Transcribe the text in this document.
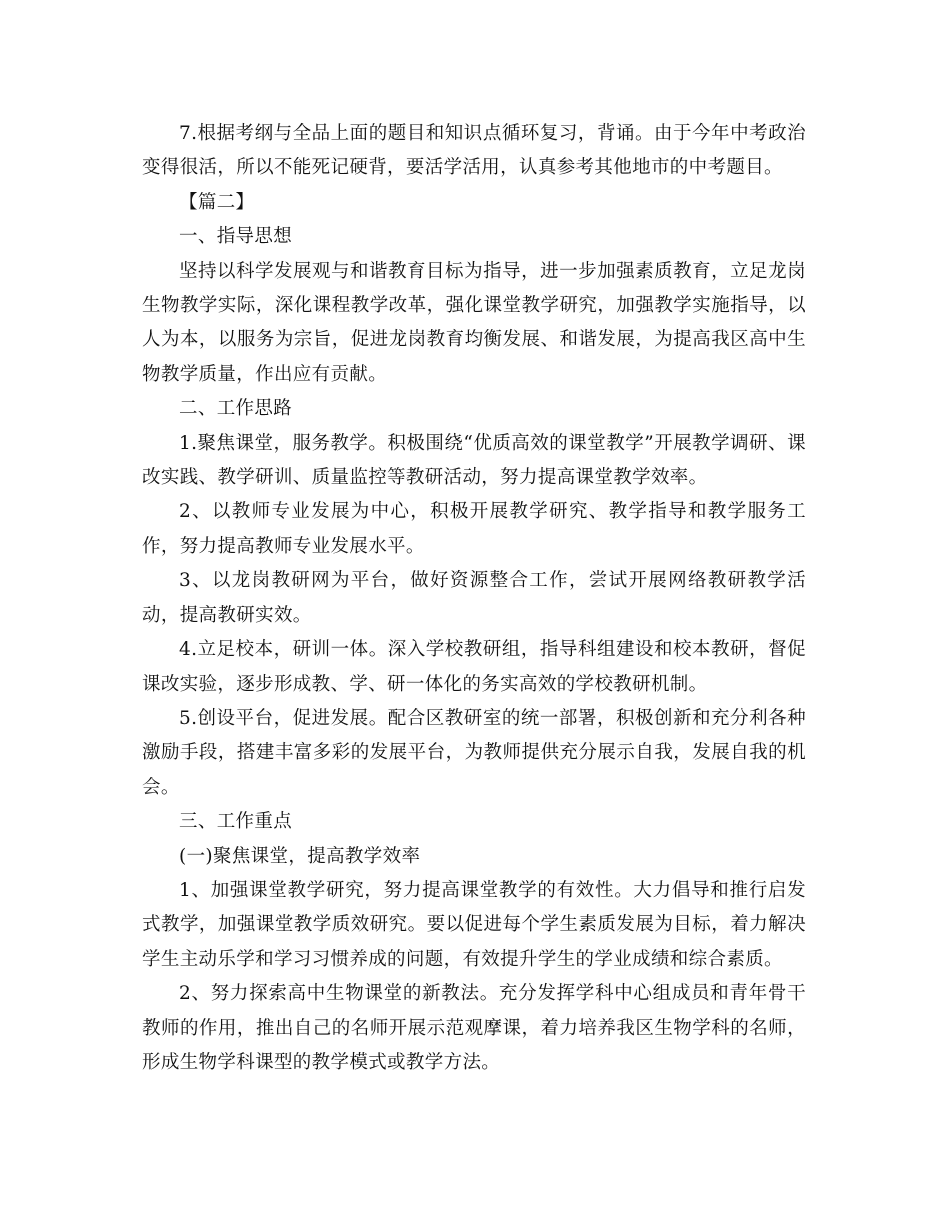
7.根据考纲与全品上面的题目和知识点循环复习，背诵。由于今年中考政治变得很活，所以不能死记硬背，要活学活用，认真参考其他地市的中考题目。

【篇二】

一、指导思想

坚持以科学发展观与和谐教育目标为指导，进一步加强素质教育，立足龙岗生物教学实际，深化课程教学改革，强化课堂教学研究，加强教学实施指导，以人为本，以服务为宗旨，促进龙岗教育均衡发展、和谐发展，为提高我区高中生物教学质量，作出应有贡献。

二、工作思路

1.聚焦课堂，服务教学。积极围绕“优质高效的课堂教学”开展教学调研、课改实践、教学研训、质量监控等教研活动，努力提高课堂教学效率。

2、以教师专业发展为中心，积极开展教学研究、教学指导和教学服务工作，努力提高教师专业发展水平。

3、以龙岗教研网为平台，做好资源整合工作，尝试开展网络教研教学活动，提高教研实效。

4.立足校本，研训一体。深入学校教研组，指导科组建设和校本教研，督促课改实验，逐步形成教、学、研一体化的务实高效的学校教研机制。

5.创设平台，促进发展。配合区教研室的统一部署，积极创新和充分利各种激励手段，搭建丰富多彩的发展平台，为教师提供充分展示自我，发展自我的机会。

三、工作重点

(一)聚焦课堂，提高教学效率

1、加强课堂教学研究，努力提高课堂教学的有效性。大力倡导和推行启发式教学，加强课堂教学质效研究。要以促进每个学生素质发展为目标，着力解决学生主动乐学和学习习惯养成的问题，有效提升学生的学业成绩和综合素质。

2、努力探索高中生物课堂的新教法。充分发挥学科中心组成员和青年骨干教师的作用，推出自己的名师开展示范观摩课，着力培养我区生物学科的名师，形成生物学科课型的教学模式或教学方法。
